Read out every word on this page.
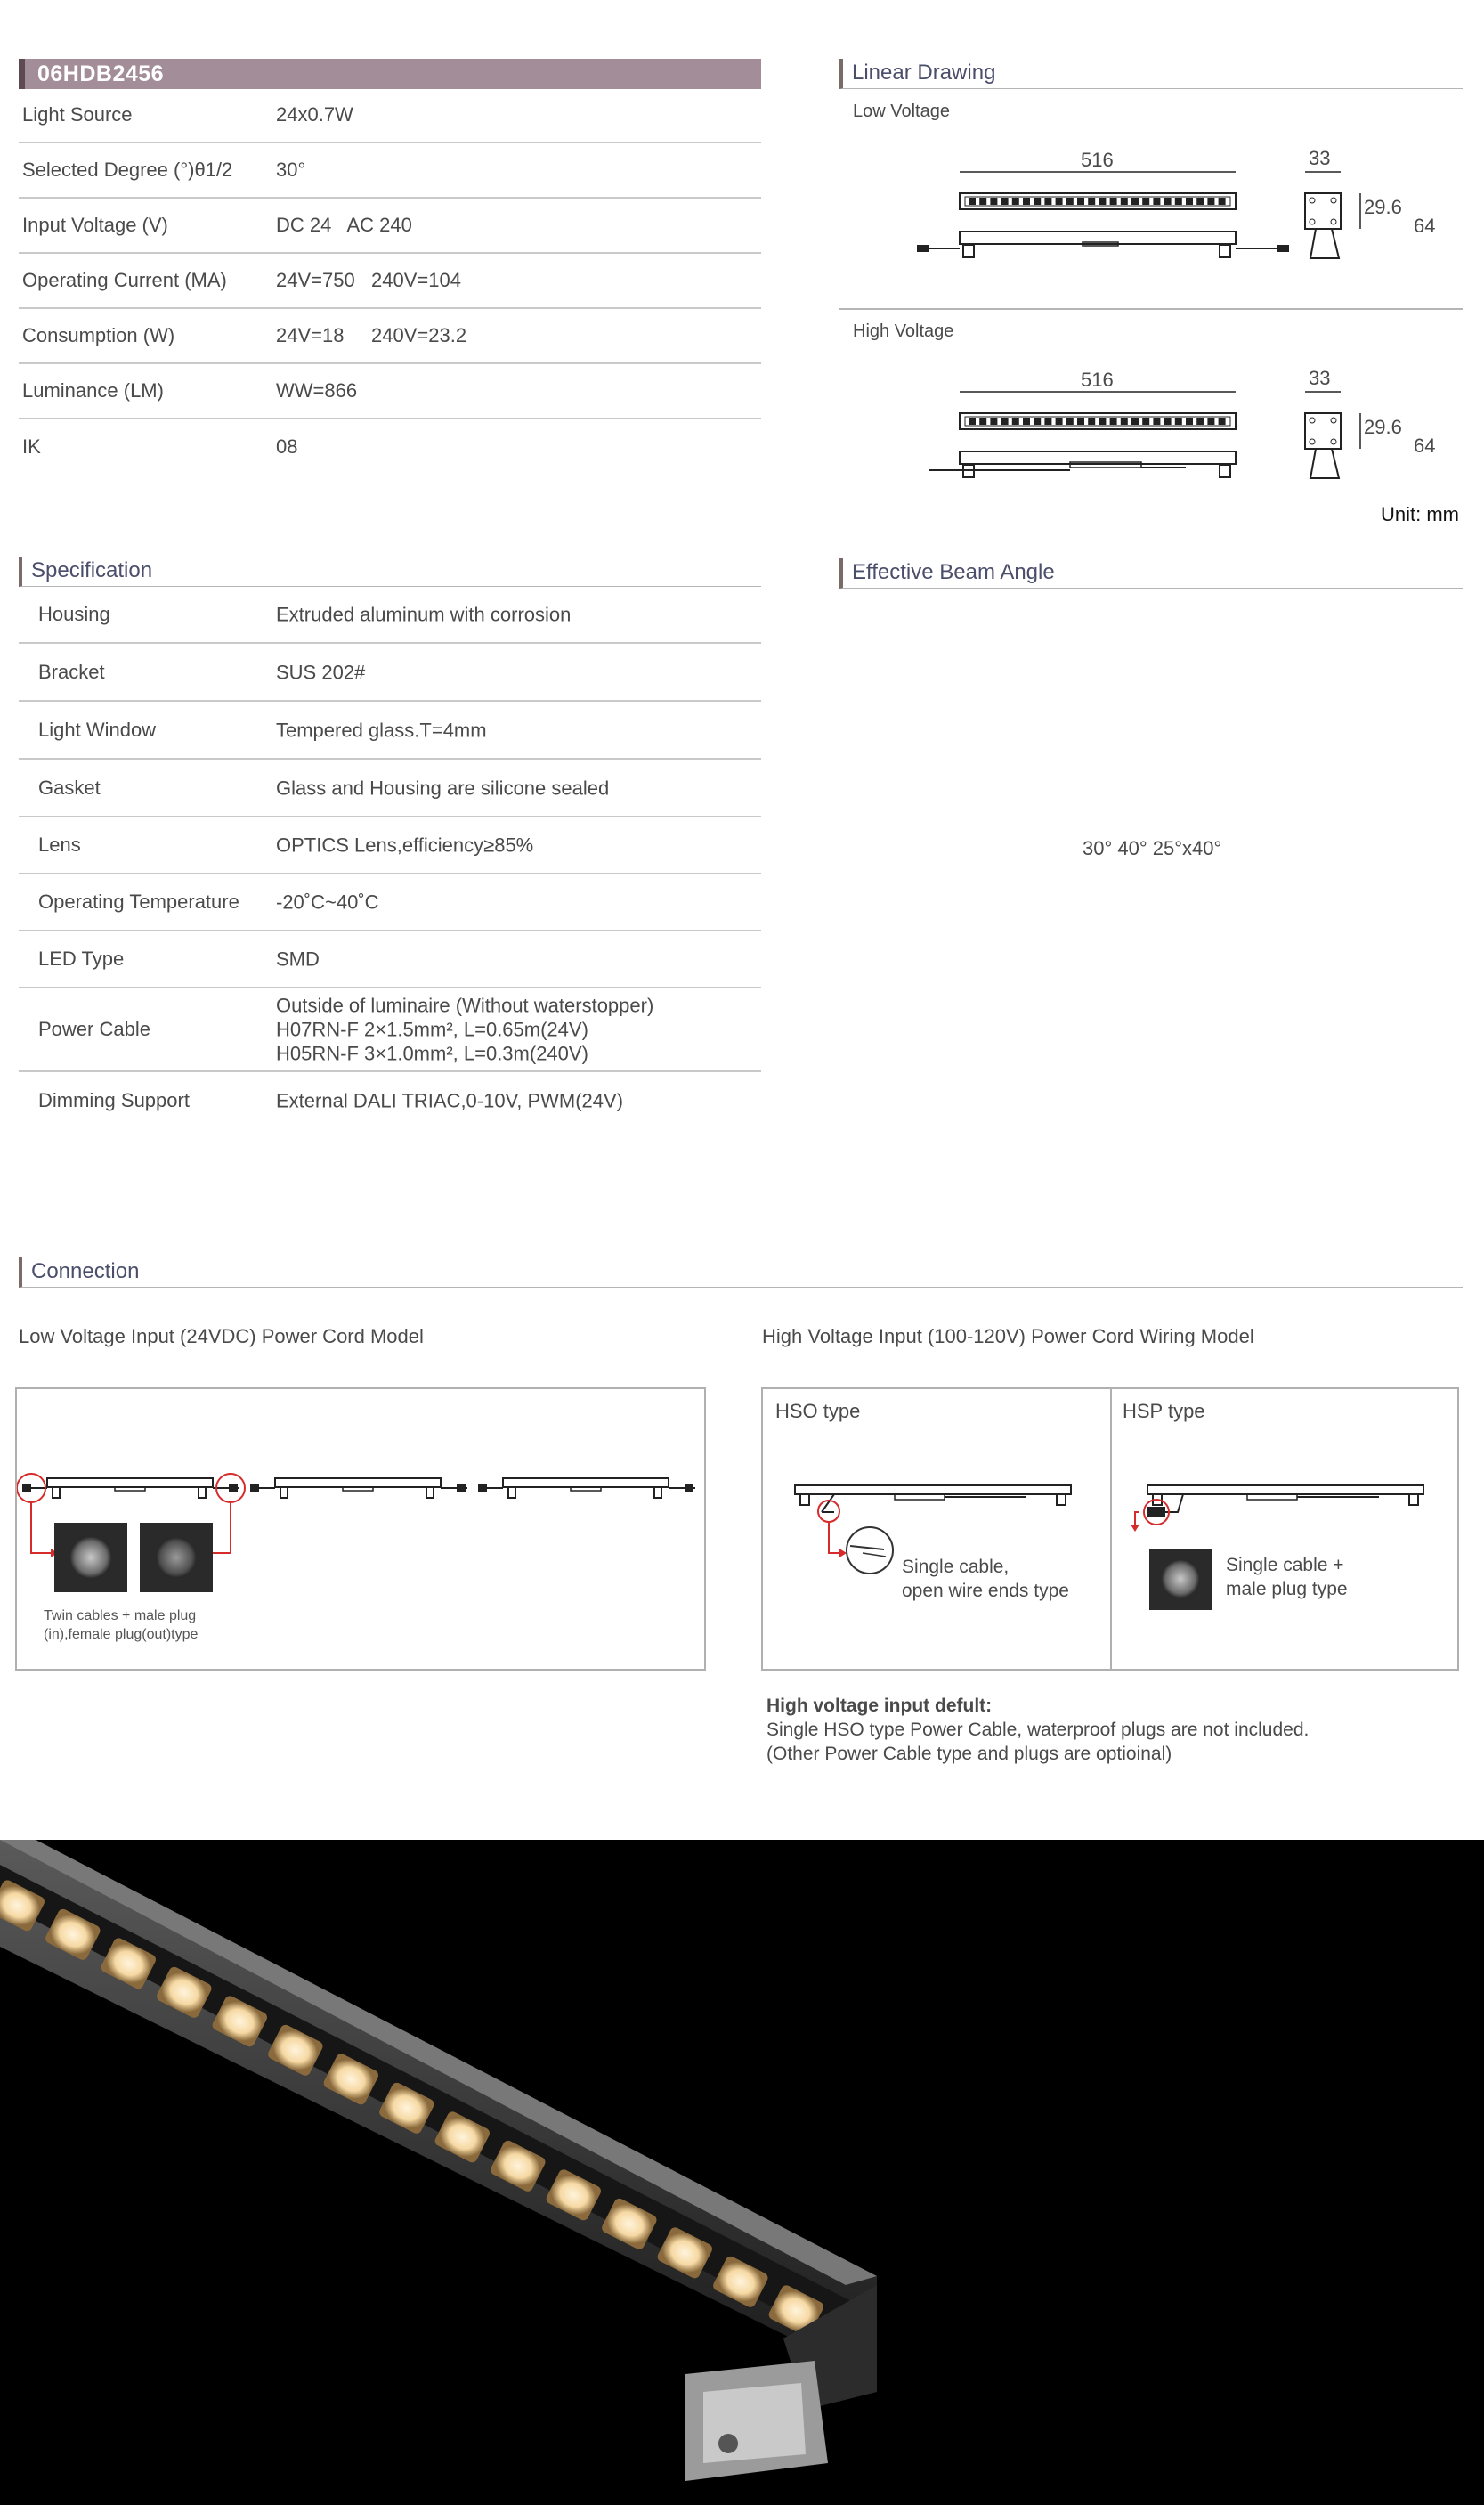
06HDB2456
Light Source	24x0.7W
Selected Degree (°)θ1/2 30°
Input Voltage (V)	DC 24   AC 240
Operating Current (MA)	24V=750   240V=104
Consumption (W)	24V=18     240V=23.2
Luminance (LM)	WW=866
IK	08
Linear Drawing
Low Voltage
516	33
29.6
64
High Voltage
516	33
29.6
64
Unit: mm
Specification
Housing	Extruded aluminum with corrosion
Bracket	SUS 202#
Light Window	Tempered glass.T=4mm
Gasket	Glass and Housing are silicone sealed
Lens	OPTICS Lens,efficiency≥85%
Operating Temperature -20˚C~40˚C
LED Type	SMD
Power Cable
Outside of luminaire (Without waterstopper)
H07RN-F 2×1.5mm², L=0.65m(24V)
H05RN-F 3×1.0mm², L=0.3m(240V)
Dimming Support	External DALI TRIAC,0-10V, PWM(24V)
Effective Beam Angle
30° 40° 25°x40°
Connection
Low Voltage Input (24VDC) Power Cord Model	High Voltage Input (100-120V) Power Cord Wiring Model
Twin cables + male plug
(in),female plug(out)type
HSO type
Single cable,
open wire ends type
HSP type
Single cable +
male plug type
High voltage input defult:
Single HSO type Power Cable, waterproof plugs are not included.
(Other Power Cable type and plugs are optioinal)
